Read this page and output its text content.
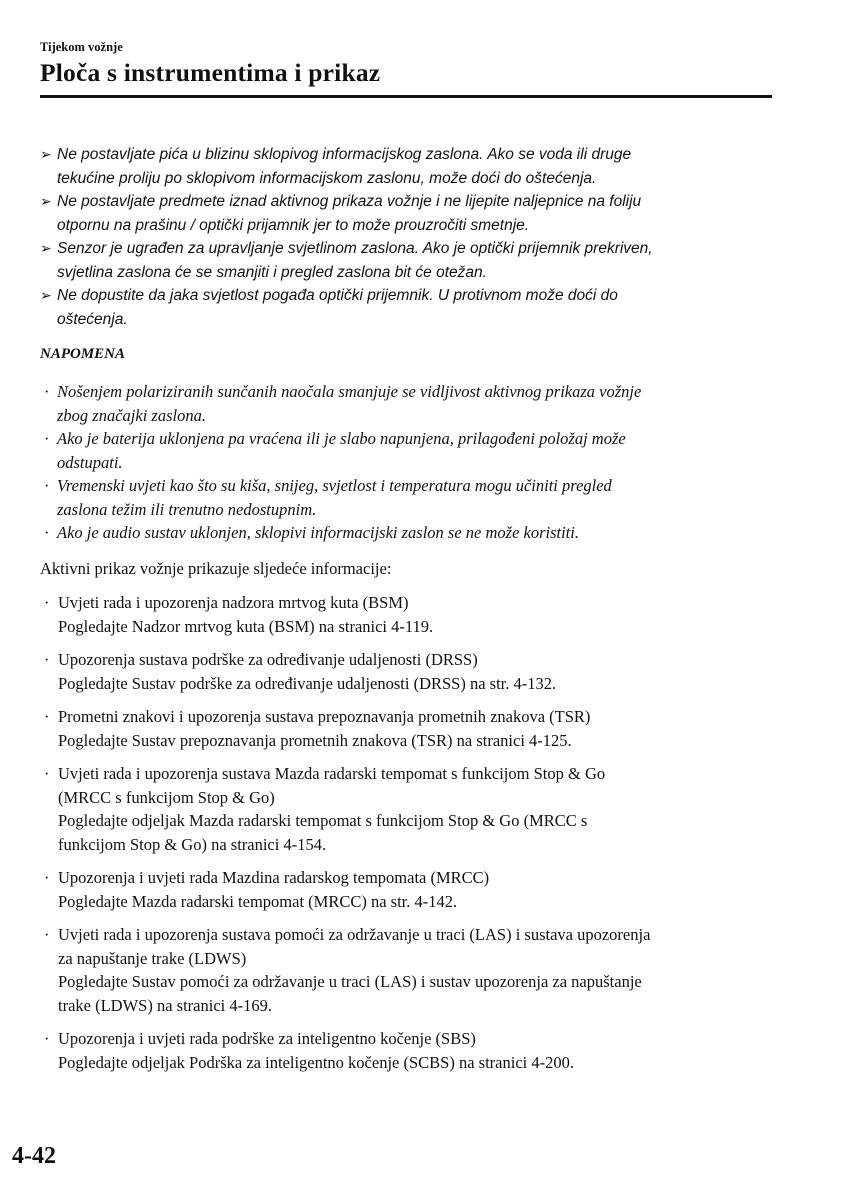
Tijekom vožnje
Ploča s instrumentima i prikaz
➢ Ne postavljate pića u blizinu sklopivog informacijskog zaslona. Ako se voda ili druge
tekućine proliju po sklopivom informacijskom zaslonu, može doći do oštećenja.
➢ Ne postavljate predmete iznad aktivnog prikaza vožnje i ne lijepite naljepnice na foliju
otpornu na prašinu / optički prijamnik jer to može prouzročiti smetnje.
➢ Senzor je ugrađen za upravljanje svjetlinom zaslona. Ako je optički prijemnik prekriven,
svjetlina zaslona će se smanjiti i pregled zaslona bit će otežan.
➢ Ne dopustite da jaka svjetlost pogađa optički prijemnik. U protivnom može doći do
oštećenja.
NAPOMENA
· Nošenjem polariziranih sunčanih naočala smanjuje se vidljivost aktivnog prikaza vožnje
zbog značajki zaslona.
· Ako je baterija uklonjena pa vraćena ili je slabo napunjena, prilagođeni položaj može
odstupati.
· Vremenski uvjeti kao što su kiša, snijeg, svjetlost i temperatura mogu učiniti pregled
zaslona težim ili trenutno nedostupnim.
· Ako je audio sustav uklonjen, sklopivi informacijski zaslon se ne može koristiti.
Aktivni prikaz vožnje prikazuje sljedeće informacije:
· Uvjeti rada i upozorenja nadzora mrtvog kuta (BSM)
Pogledajte Nadzor mrtvog kuta (BSM) na stranici 4-119.
· Upozorenja sustava podrške za određivanje udaljenosti (DRSS)
Pogledajte Sustav podrške za određivanje udaljenosti (DRSS) na str. 4-132.
· Prometni znakovi i upozorenja sustava prepoznavanja prometnih znakova (TSR)
Pogledajte Sustav prepoznavanja prometnih znakova (TSR) na stranici 4-125.
· Uvjeti rada i upozorenja sustava Mazda radarski tempomat s funkcijom Stop & Go
(MRCC s funkcijom Stop & Go)
Pogledajte odjeljak Mazda radarski tempomat s funkcijom Stop & Go (MRCC s
funkcijom Stop & Go) na stranici 4-154.
· Upozorenja i uvjeti rada Mazdina radarskog tempomata (MRCC)
Pogledajte Mazda radarski tempomat (MRCC) na str. 4-142.
· Uvjeti rada i upozorenja sustava pomoći za održavanje u traci (LAS) i sustava upozorenja
za napuštanje trake (LDWS)
Pogledajte Sustav pomoći za održavanje u traci (LAS) i sustav upozorenja za napuštanje
trake (LDWS) na stranici 4-169.
· Upozorenja i uvjeti rada podrške za inteligentno kočenje (SBS)
Pogledajte odjeljak Podrška za inteligentno kočenje (SCBS) na stranici 4-200.
4-42
